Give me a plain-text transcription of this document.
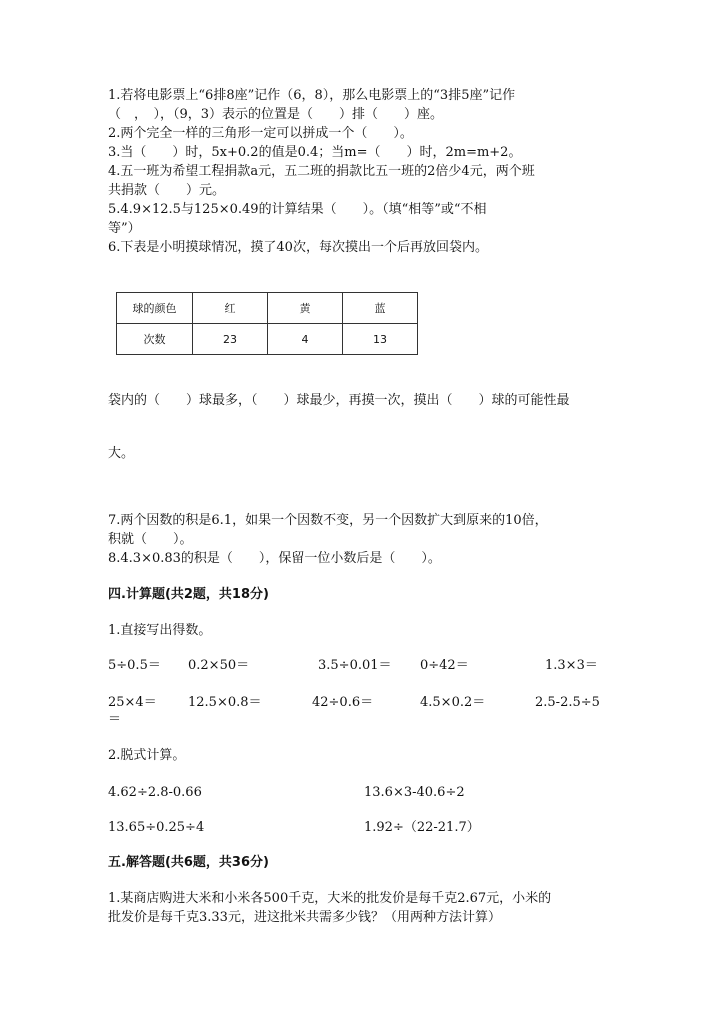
1.若将电影票上“6排8座”记作（6，8），那么电影票上的“3排5座”记作
（　，　），（9，3）表示的位置是（　　）排（　　）座。
2.两个完全一样的三角形一定可以拼成一个（　　）。
3.当（　　）时，5x+0.2的值是0.4；当m=（　　）时，2m=m+2。
4.五一班为希望工程捐款a元，五二班的捐款比五一班的2倍少4元，两个班
共捐款（　　）元。
5.4.9×12.5与125×0.49的计算结果（　　）。（填“相等”或“不相
等”）
6.下表是小明摸球情况，摸了40次，每次摸出一个后再放回袋内。
球的颜色	红	黄	蓝
次数	23	4	13
袋内的（　　）球最多，（　　）球最少，再摸一次，摸出（　　）球的可能性最
大。
7.两个因数的积是6.1，如果一个因数不变，另一个因数扩大到原来的10倍，
积就（　　）。
8.4.3×0.83的积是（　　），保留一位小数后是（　　）。
四.计算题(共2题，共18分)
1.直接写出得数。
5÷0.5＝ 0.2×50＝	3.5÷0.01＝ 0÷42＝	1.3×3＝
25×4＝ 12.5×0.8＝	42÷0.6＝	4.5×0.2＝	2.5-2.5÷5
＝
2.脱式计算。
4.62÷2.8-0.66	13.6×3-40.6÷2
13.65÷0.25÷4	1.92÷（22-21.7）
五.解答题(共6题，共36分)
1.某商店购进大米和小米各500千克，大米的批发价是每千克2.67元，小米的
批发价是每千克3.33元，进这批米共需多少钱？（用两种方法计算）
